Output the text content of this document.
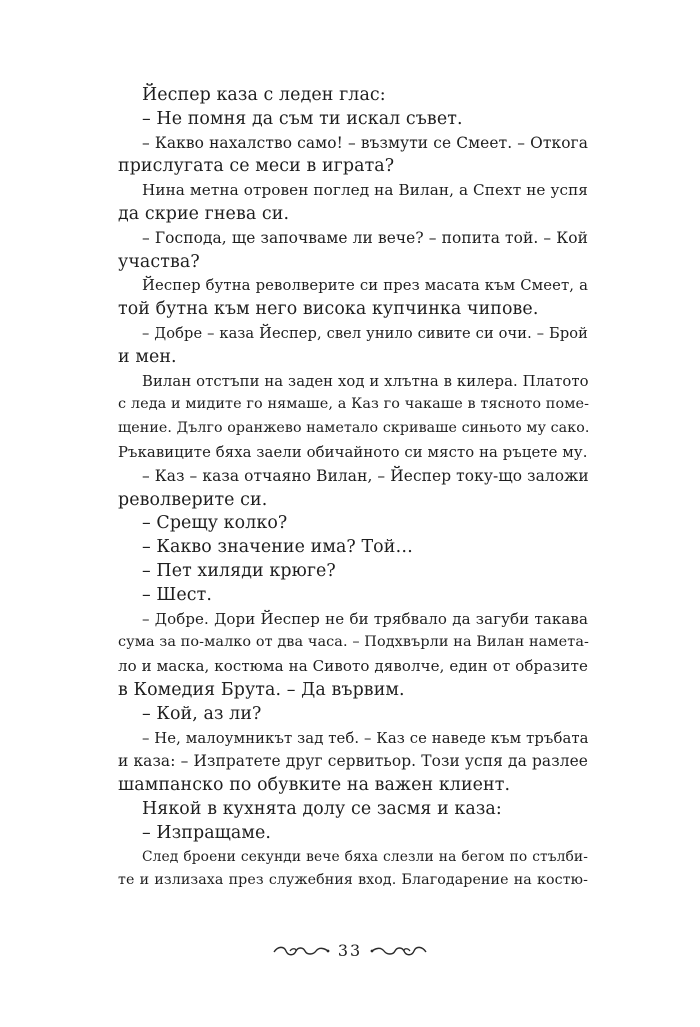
Йеспер каза с леден глас:
– Не помня да съм ти искал съвет.
– Какво нахалство само! – възмути се Смеет. – Откога
прислугата се меси в играта?
Нина метна отровен поглед на Вилан, а Спехт не успя
да скрие гнева си.
– Господа, ще започваме ли вече? – попита той. – Кой
участва?
Йеспер бутна револверите си през масата към Смеет, а
той бутна към него висока купчинка чипове.
– Добре – каза Йеспер, свел унило сивите си очи. – Брой
и мен.
Вилан отстъпи на заден ход и хлътна в килера. Платото
с леда и мидите го нямаше, а Каз го чакаше в тясното поме-
щение. Дълго оранжево наметало скриваше синьото му сако.
Ръкавиците бяха заели обичайното си място на ръцете му.
– Каз – каза отчаяно Вилан, – Йеспер току-що заложи
револверите си.
– Срещу колко?
– Какво значение има? Той…
– Пет хиляди крюге?
– Шест.
– Добре. Дори Йеспер не би трябвало да загуби такава
сума за по-малко от два часа. – Подхвърли на Вилан намета-
ло и маска, костюма на Сивото дяволче, един от образите
в Комедия Брута. – Да вървим.
– Кой, аз ли?
– Не, малоумникът зад теб. – Каз се наведе към тръбата
и каза: – Изпратете друг сервитьор. Този успя да разлее
шампанско по обувките на важен клиент.
Някой в кухнята долу се засмя и каза:
– Изпращаме.
След броени секунди вече бяха слезли на бегом по стълби-
те и излизаха през служебния вход. Благодарение на костю-
33
